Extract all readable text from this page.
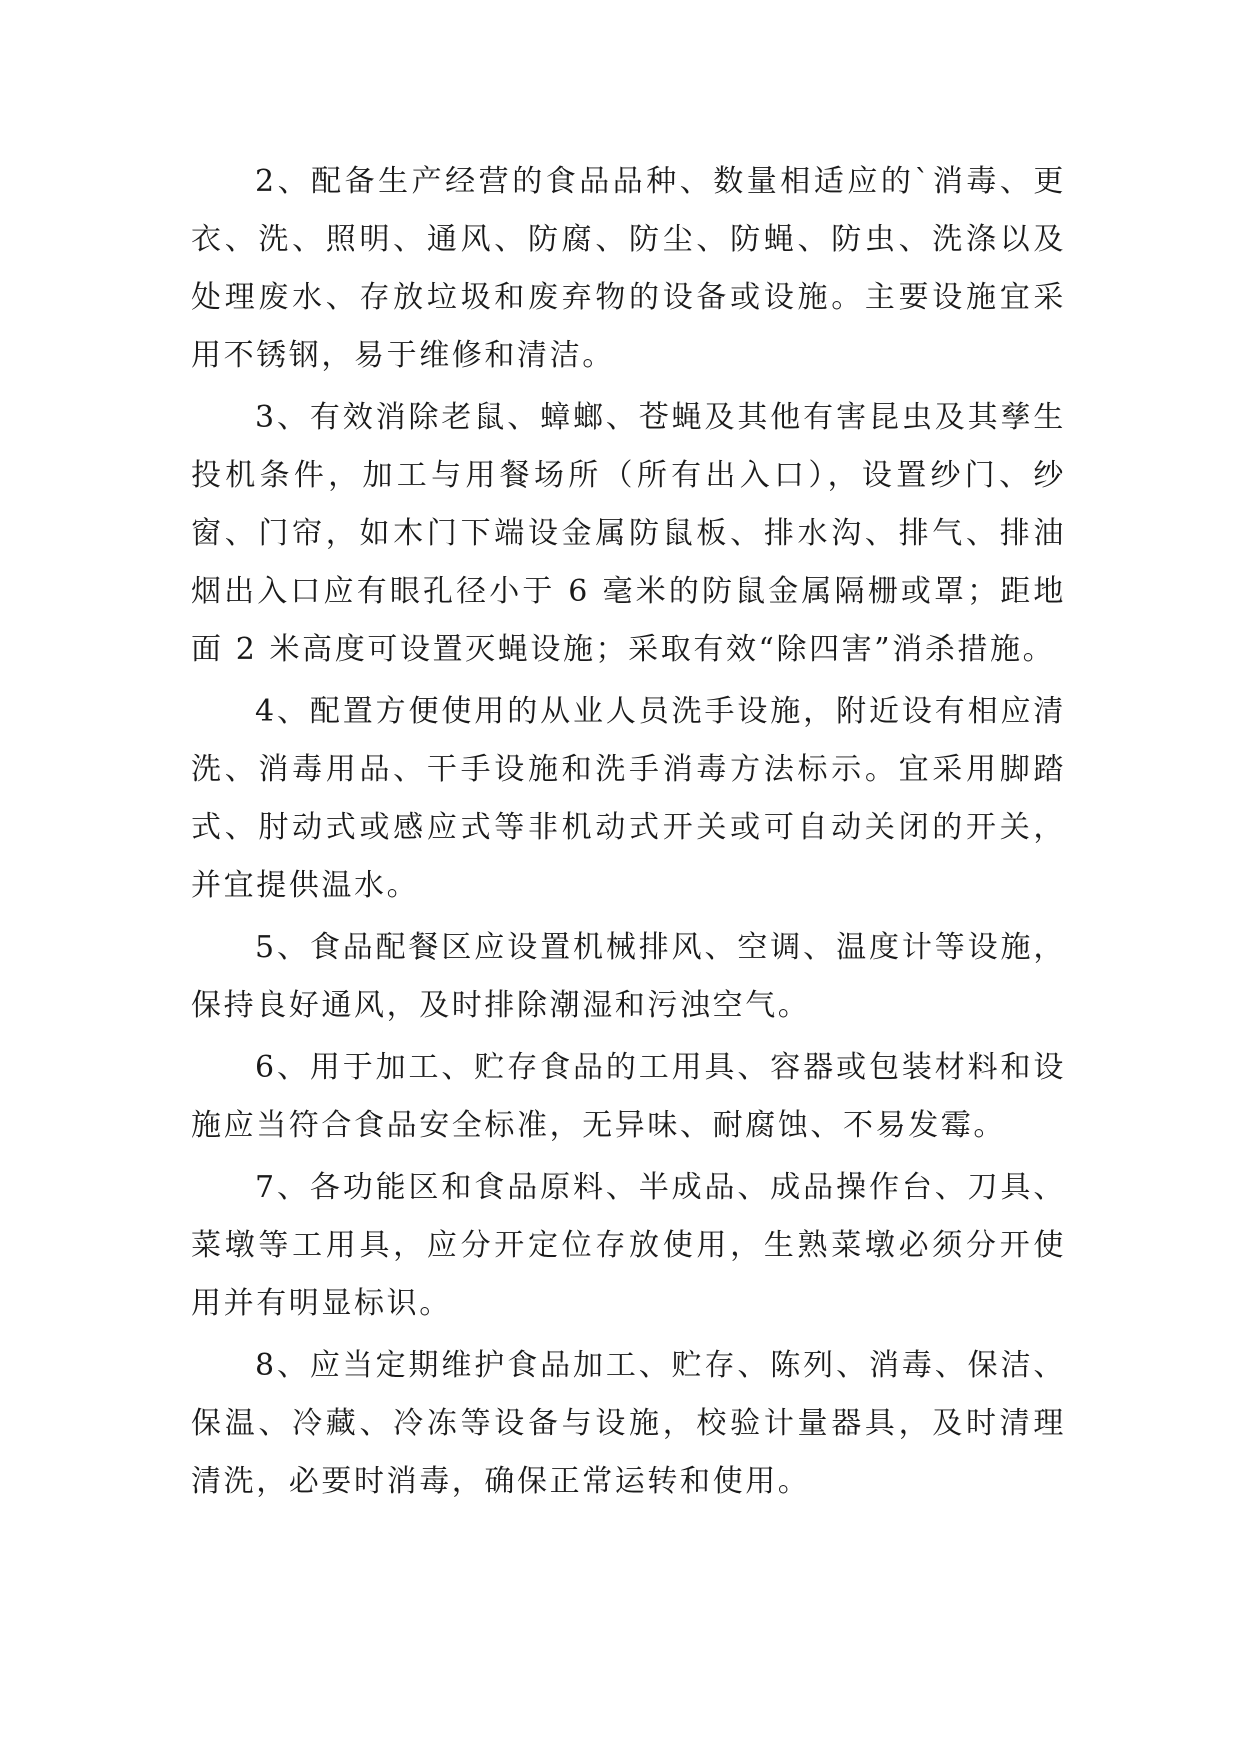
2、配备生产经营的食品品种、数量相适应的`消毒、更衣、洗、照明、通风、防腐、防尘、防蝇、防虫、洗涤以及处理废水、存放垃圾和废弃物的设备或设施。主要设施宜采用不锈钢，易于维修和清洁。

3、有效消除老鼠、蟑螂、苍蝇及其他有害昆虫及其孳生投机条件，加工与用餐场所（所有出入口），设置纱门、纱窗、门帘，如木门下端设金属防鼠板、排水沟、排气、排油烟出入口应有眼孔径小于 6 毫米的防鼠金属隔栅或罩；距地面 2 米高度可设置灭蝇设施；采取有效“除四害”消杀措施。

4、配置方便使用的从业人员洗手设施，附近设有相应清洗、消毒用品、干手设施和洗手消毒方法标示。宜采用脚踏式、肘动式或感应式等非机动式开关或可自动关闭的开关，并宜提供温水。

5、食品配餐区应设置机械排风、空调、温度计等设施，保持良好通风，及时排除潮湿和污浊空气。

6、用于加工、贮存食品的工用具、容器或包装材料和设施应当符合食品安全标准，无异味、耐腐蚀、不易发霉。

7、各功能区和食品原料、半成品、成品操作台、刀具、菜墩等工用具，应分开定位存放使用，生熟菜墩必须分开使用并有明显标识。

8、应当定期维护食品加工、贮存、陈列、消毒、保洁、保温、冷藏、冷冻等设备与设施，校验计量器具，及时清理清洗，必要时消毒，确保正常运转和使用。
